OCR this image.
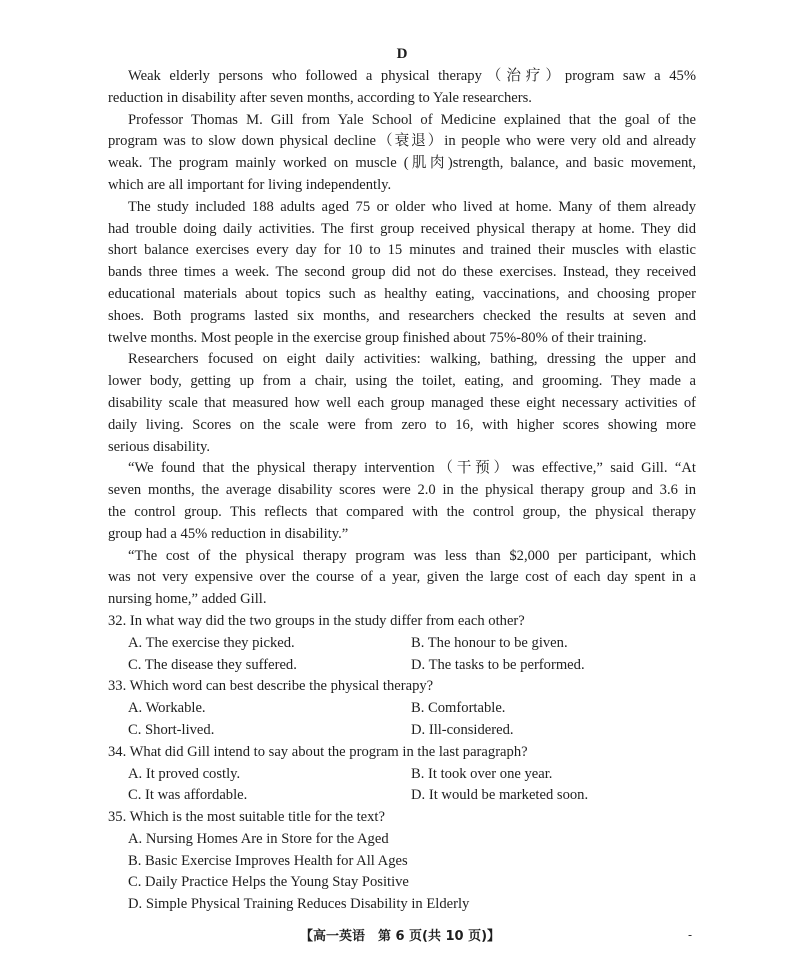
D
Weak elderly persons who followed a physical therapy（治疗）program saw a 45%
reduction in disability after seven months, according to Yale researchers.
Professor Thomas M. Gill from Yale School of Medicine explained that the goal of the
program was to slow down physical decline（衰退）in people who were very old and already
weak. The program mainly worked on muscle (肌肉)strength, balance, and basic movement,
which are all important for living independently.
The study included 188 adults aged 75 or older who lived at home. Many of them already
had trouble doing daily activities. The first group received physical therapy at home. They did
short balance exercises every day for 10 to 15 minutes and trained their muscles with elastic
bands three times a week. The second group did not do these exercises. Instead, they received
educational materials about topics such as healthy eating, vaccinations, and choosing proper
shoes. Both programs lasted six months, and researchers checked the results at seven and
twelve months. Most people in the exercise group finished about 75%-80% of their training.
Researchers focused on eight daily activities: walking, bathing, dressing the upper and
lower body, getting up from a chair, using the toilet, eating, and grooming. They made a
disability scale that measured how well each group managed these eight necessary activities of
daily living. Scores on the scale were from zero to 16, with higher scores showing more
serious disability.
“We found that the physical therapy intervention（干预）was effective,” said Gill. “At
seven months, the average disability scores were 2.0 in the physical therapy group and 3.6 in
the control group. This reflects that compared with the control group, the physical therapy
group had a 45% reduction in disability.”
“The cost of the physical therapy program was less than $2,000 per participant, which
was not very expensive over the course of a year, given the large cost of each day spent in a
nursing home,” added Gill.
32. In what way did the two groups in the study differ from each other?
A. The exercise they picked.	B. The honour to be given.
C. The disease they suffered.	D. The tasks to be performed.
33. Which word can best describe the physical therapy?
A. Workable.	B. Comfortable.
C. Short-lived.	D. Ill-considered.
34. What did Gill intend to say about the program in the last paragraph?
A. It proved costly.	B. It took over one year.
C. It was affordable.	D. It would be marketed soon.
35. Which is the most suitable title for the text?
A. Nursing Homes Are in Store for the Aged
B. Basic Exercise Improves Health for All Ages
C. Daily Practice Helps the Young Stay Positive
D. Simple Physical Training Reduces Disability in Elderly
【高一英语　第 6 页(共 10 页)】	-
